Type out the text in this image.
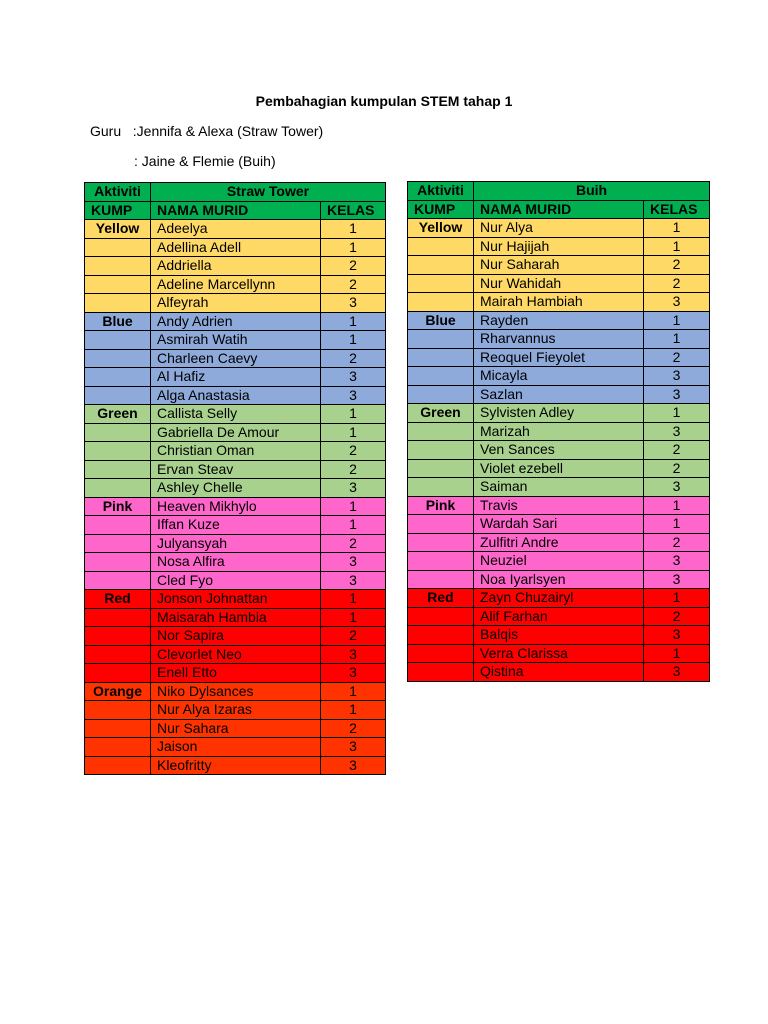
Pembahagian kumpulan STEM tahap 1
Guru   :Jennifa & Alexa (Straw Tower)
: Jaine & Flemie (Buih)
Aktiviti	Straw Tower	
KUMP	NAMA MURID	KELAS
Yellow	Adeelya	1
	Adellina Adell	1
	Addriella	2
	Adeline Marcellynn	2
	Alfeyrah	3
Blue	Andy Adrien	1
	Asmirah Watih	1
	Charleen Caevy	2
	Al Hafiz	3
	Alga Anastasia	3
Green	Callista Selly	1
	Gabriella De Amour	1
	Christian Oman	2
	Ervan Steav	2
	Ashley Chelle	3
Pink	Heaven Mikhylo	1
	Iffan Kuze	1
	Julyansyah	2
	Nosa Alfira	3
	Cled Fyo	3
Red	Jonson Johnattan	1
	Maisarah Hambia	1
	Nor Sapira	2
	Clevorlet Neo	3
	Enell Etto	3
Orange	Niko Dylsances	1
	Nur Alya Izaras	1
	Nur Sahara	2
	Jaison	3
	Kleofritty	3
Aktiviti	Buih	
KUMP	NAMA MURID	KELAS
Yellow	Nur Alya	1
	Nur Hajijah	1
	Nur Saharah	2
	Nur Wahidah	2
	Mairah Hambiah	3
Blue	Rayden	1
	Rharvannus	1
	Reoquel Fieyolet	2
	Micayla	3
	Sazlan	3
Green	Sylvisten Adley	1
	Marizah	3
	Ven Sances	2
	Violet ezebell	2
	Saiman	3
Pink	Travis	1
	Wardah Sari	1
	Zulfitri Andre	2
	Neuziel	3
	Noa Iyarlsyen	3
Red	Zayn Chuzairyl	1
	Alif Farhan	2
	Balqis	3
	Verra Clarissa	1
	Qistina	3
